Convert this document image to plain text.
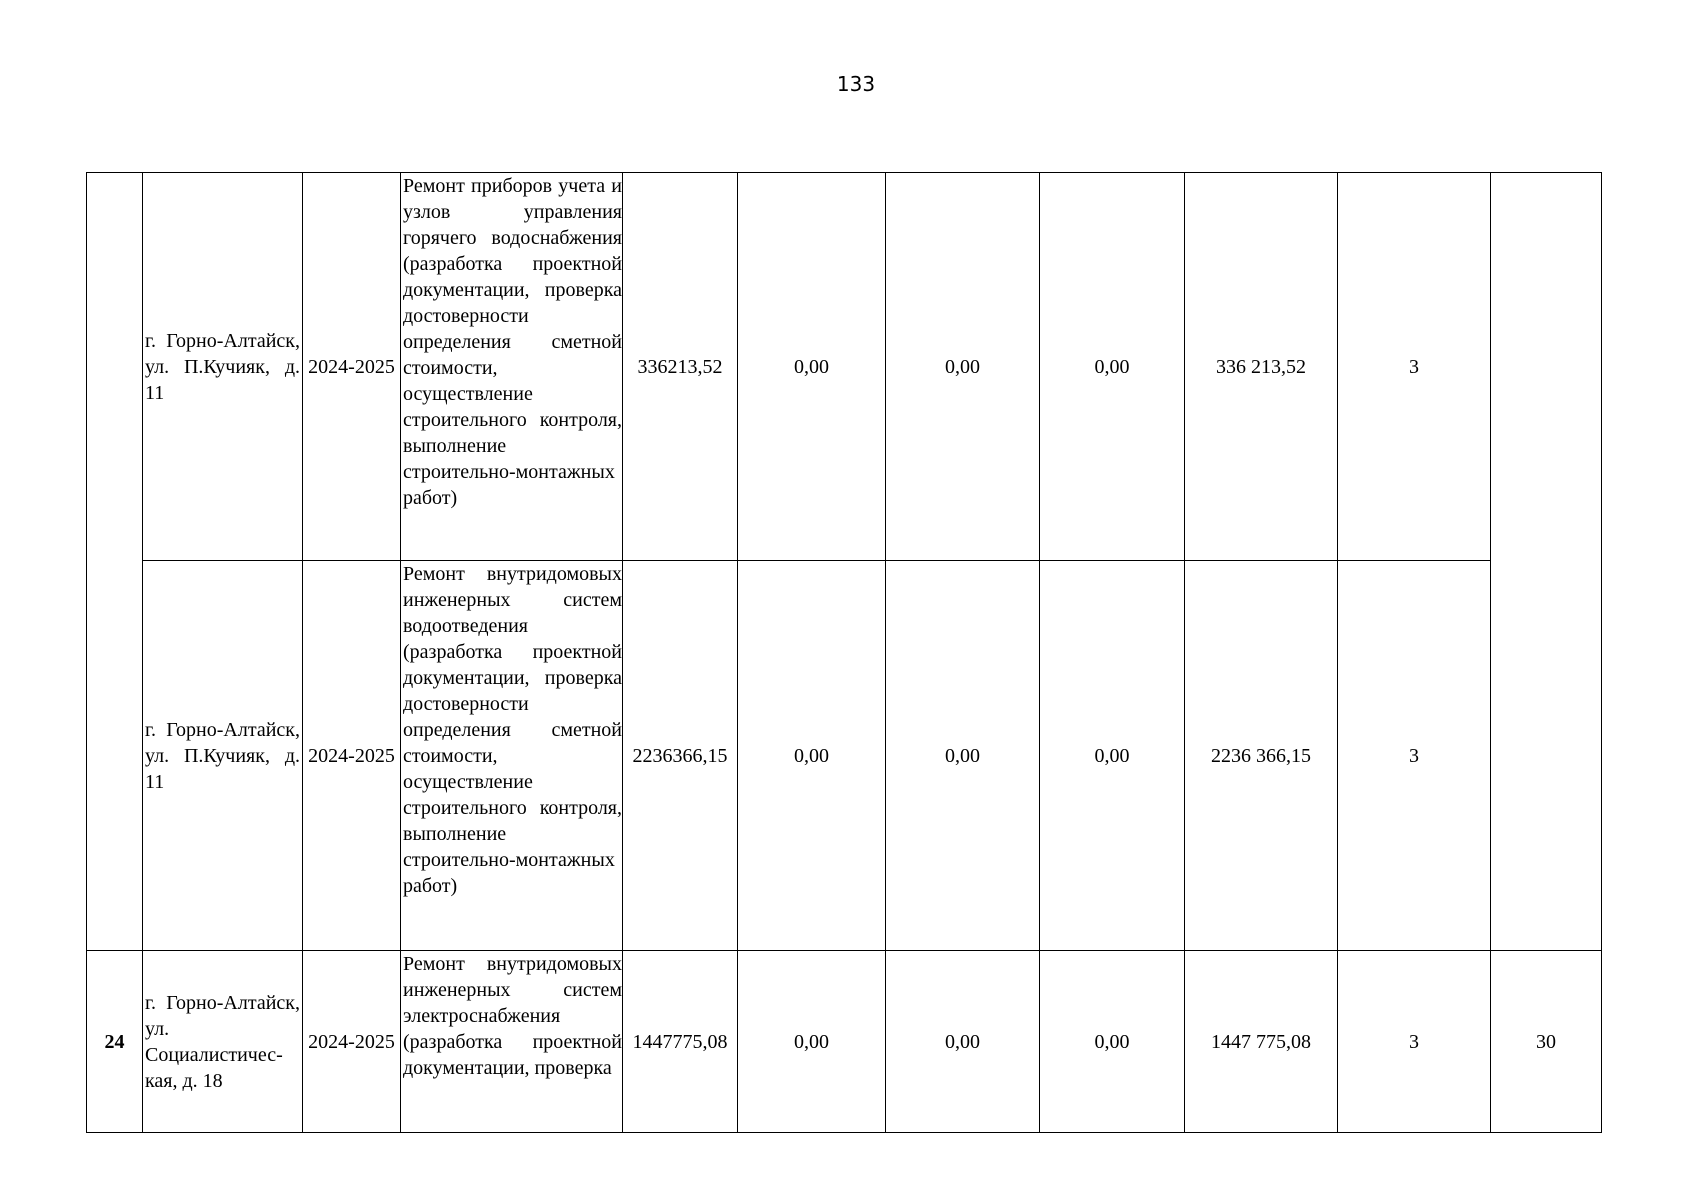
133
	г. Горно-Алтайск, ул. П.Кучияк, д. 11	2024-2025	Ремонт приборов учета и узлов управления горячего водоснабжения (разработка проектной документации, проверка достоверности определения сметной стоимости, осуществление строительного контроля, выполнение строительно-монтажных работ)	336213,52	0,00	0,00	0,00	336 213,52	3	
	г. Горно-Алтайск, ул. П.Кучияк, д. 11	2024-2025	Ремонт внутридомовых инженерных систем водоотведения (разработка проектной документации, проверка достоверности определения сметной стоимости, осуществление строительного контроля, выполнение строительно-монтажных работ)	2236366,15	0,00	0,00	0,00	2236 366,15	3	
24	г. Горно-Алтайск, ул. Социалистичес-кая, д. 18	2024-2025	Ремонт внутридомовых инженерных систем электроснабжения (разработка проектной документации, проверка	1447775,08	0,00	0,00	0,00	1447 775,08	3	30
